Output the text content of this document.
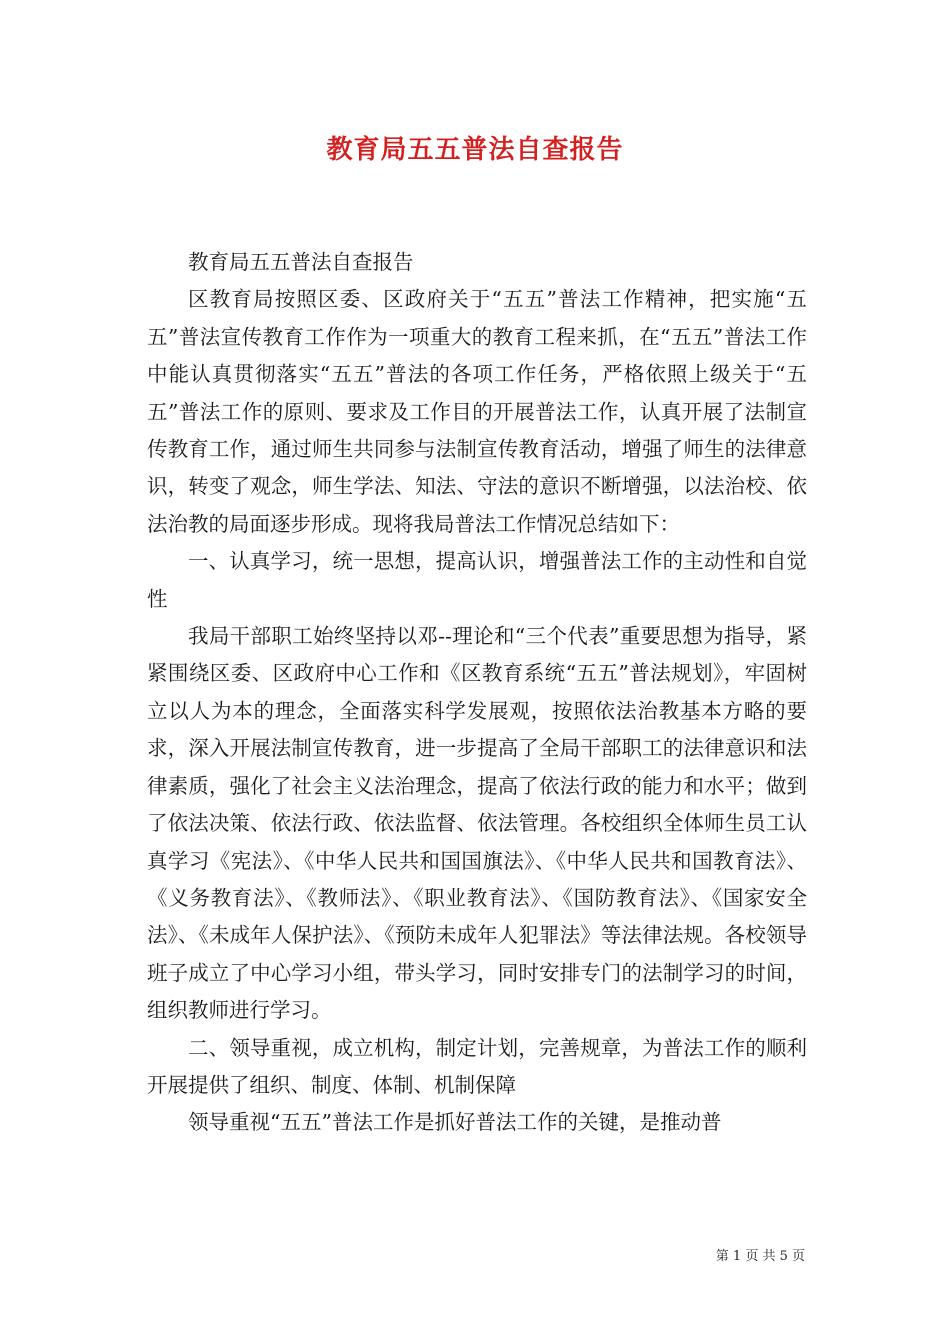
教育局五五普法自查报告

教育局五五普法自查报告

区教育局按照区委、区政府关于“五五”普法工作精神，把实施“五五”普法宣传教育工作作为一项重大的教育工程来抓，在“五五”普法工作中能认真贯彻落实“五五”普法的各项工作任务，严格依照上级关于“五五”普法工作的原则、要求及工作目的开展普法工作，认真开展了法制宣传教育工作，通过师生共同参与法制宣传教育活动，增强了师生的法律意识，转变了观念，师生学法、知法、守法的意识不断增强，以法治校、依法治教的局面逐步形成。现将我局普法工作情况总结如下：

一、认真学习，统一思想，提高认识，增强普法工作的主动性和自觉性

我局干部职工始终坚持以邓--理论和“三个代表”重要思想为指导，紧紧围绕区委、区政府中心工作和《区教育系统“五五”普法规划》，牢固树立以人为本的理念，全面落实科学发展观，按照依法治教基本方略的要求，深入开展法制宣传教育，进一步提高了全局干部职工的法律意识和法律素质，强化了社会主义法治理念，提高了依法行政的能力和水平；做到了依法决策、依法行政、依法监督、依法管理。各校组织全体师生员工认真学习《宪法》、《中华人民共和国国旗法》、《中华人民共和国教育法》、《义务教育法》、《教师法》、《职业教育法》、《国防教育法》、《国家安全法》、《未成年人保护法》、《预防未成年人犯罪法》等法律法规。各校领导班子成立了中心学习小组，带头学习，同时安排专门的法制学习的时间，组织教师进行学习。

二、领导重视，成立机构，制定计划，完善规章，为普法工作的顺利开展提供了组织、制度、体制、机制保障

领导重视“五五”普法工作是抓好普法工作的关键，是推动普

第 1 页 共 5 页
